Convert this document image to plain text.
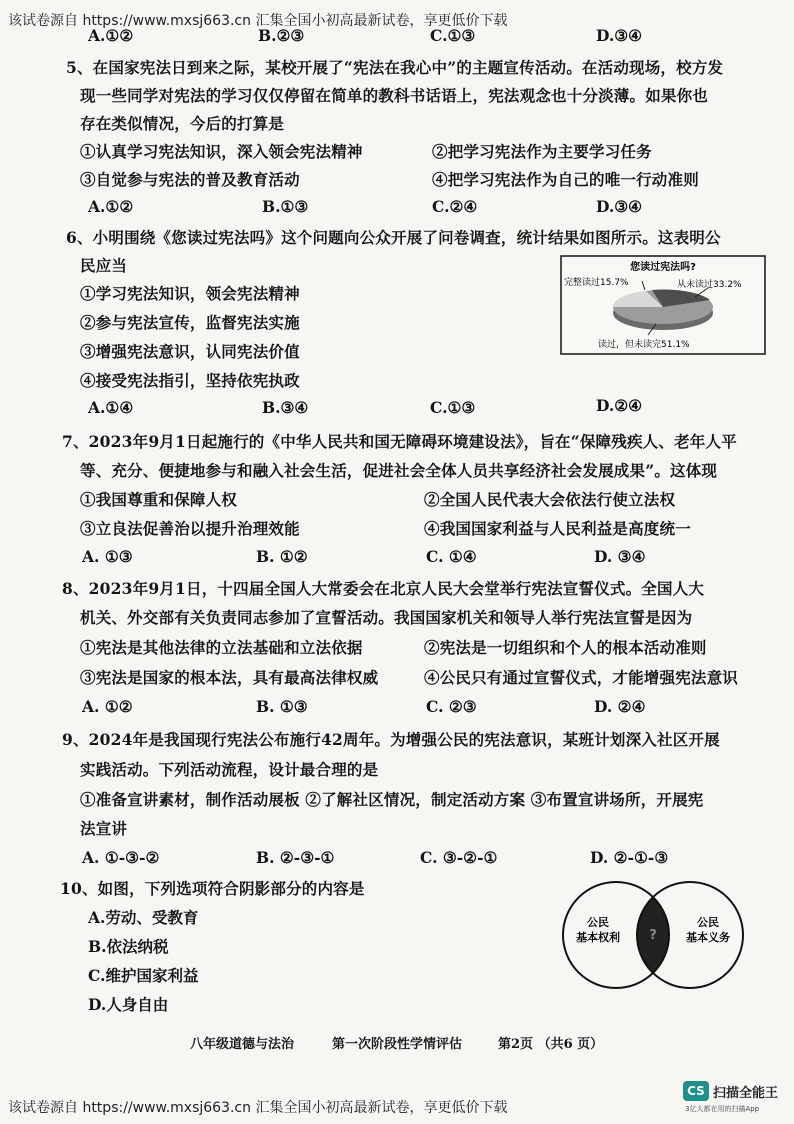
该试卷源自 https://www.mxsj663.cn 汇集全国小初高最新试卷，享更低价下载
A.①②	B.②③	C.①③	D.③④
5、在国家宪法日到来之际，某校开展了“宪法在我心中”的主题宣传活动。在活动现场，校方发
现一些同学对宪法的学习仅仅停留在简单的教科书话语上，宪法观念也十分淡薄。如果你也
存在类似情况，今后的打算是
①认真学习宪法知识，深入领会宪法精神	②把学习宪法作为主要学习任务
③自觉参与宪法的普及教育活动	④把学习宪法作为自己的唯一行动准则
A.①②	B.①③	C.②④	D.③④
6、小明围绕《您读过宪法吗》这个问题向公众开展了问卷调查，统计结果如图所示。这表明公
民应当
①学习宪法知识，领会宪法精神
②参与宪法宣传，监督宪法实施
③增强宪法意识，认同宪法价值
④接受宪法指引，坚持依宪执政
A.①④	B.③④	C.①③	D.②④
您读过宪法吗?
完整读过15.7%	从未读过33.2%
读过，但未读完51.1%
7、2023年9月1日起施行的《中华人民共和国无障碍环境建设法》，旨在“保障残疾人、老年人平
等、充分、便捷地参与和融入社会生活，促进社会全体人员共享经济社会发展成果”。这体现
①我国尊重和保障人权	②全国人民代表大会依法行使立法权
③立良法促善治以提升治理效能	④我国国家利益与人民利益是高度统一
A. ①③	B. ①②	C. ①④	D. ③④
8、2023年9月1日，十四届全国人大常委会在北京人民大会堂举行宪法宣誓仪式。全国人大
机关、外交部有关负责同志参加了宣誓活动。我国国家机关和领导人举行宪法宣誓是因为
①宪法是其他法律的立法基础和立法依据	②宪法是一切组织和个人的根本活动准则
③宪法是国家的根本法，具有最高法律权威	④公民只有通过宣誓仪式，才能增强宪法意识
A. ①②	B. ①③	C. ②③	D. ②④
9、2024年是我国现行宪法公布施行42周年。为增强公民的宪法意识，某班计划深入社区开展
实践活动。下列活动流程，设计最合理的是
①准备宣讲素材，制作活动展板 ②了解社区情况，制定活动方案 ③布置宣讲场所，开展宪
法宣讲
A. ①-③-②	B. ②-③-①	C. ③-②-①	D. ②-①-③
10、如图，下列选项符合阴影部分的内容是
A.劳动、受教育
B.依法纳税
C.维护国家利益
D.人身自由
公民
基本权利
公民
基本义务
?
八年级道德与法治	第一次阶段性学情评估	第2页 （共6 页）
该试卷源自 https://www.mxsj663.cn 汇集全国小初高最新试卷，享更低价下载
CS 扫描全能王
3亿人都在用的扫描App
